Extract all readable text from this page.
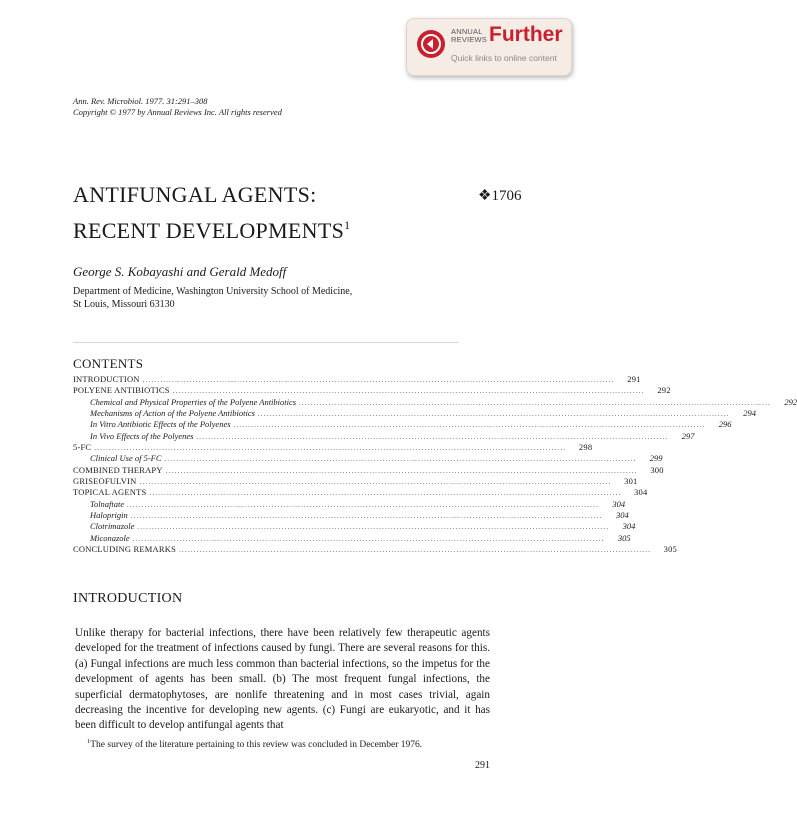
ANNUAL
REVIEWS Further
Quick links to online content
Ann. Rev. Microbiol. 1977. 31:291–308
Copyright © 1977 by Annual Reviews Inc. All rights reserved
ANTIFUNGAL AGENTS:
RECENT DEVELOPMENTS$^1$
❖1706
George S. Kobayashi and Gerald Medoff
Department of Medicine, Washington University School of Medicine,
St Louis, Missouri 63130
CONTENTS
INTRODUCTION ................................................................................................................................................................	291
POLYENE ANTIBIOTICS ................................................................................................................................................................	292
Chemical and Physical Properties of the Polyene Antibiotics ................................................................................................................................................................	292
Mechanisms of Action of the Polyene Antibiotics ................................................................................................................................................................	294
In Vitro Antibiotic Effects of the Polyenes ................................................................................................................................................................	296
In Vivo Effects of the Polyenes ................................................................................................................................................................	297
5-FC ................................................................................................................................................................	298
Clinical Use of 5-FC ................................................................................................................................................................	299
COMBINED THERAPY ................................................................................................................................................................	300
GRISEOFULVIN ................................................................................................................................................................	301
TOPICAL AGENTS ................................................................................................................................................................	304
Tolnaftate ................................................................................................................................................................	304
Haloprigin ................................................................................................................................................................	304
Clotrimazole ................................................................................................................................................................	304
Miconazole ................................................................................................................................................................	305
CONCLUDING REMARKS ................................................................................................................................................................	305
INTRODUCTION
Unlike therapy for bacterial infections, there have been relatively few therapeutic agents developed for the treatment of infections caused by fungi. There are several reasons for this. (a) Fungal infections are much less common than bacterial infections, so the impetus for the development of agents has been small. (b) The most frequent fungal infections, the superficial dermatophytoses, are nonlife threatening and in most cases trivial, again decreasing the incentive for developing new agents. (c) Fungi are eukaryotic, and it has been difficult to develop antifungal agents that
$^1$The survey of the literature pertaining to this review was concluded in December 1976.
291
